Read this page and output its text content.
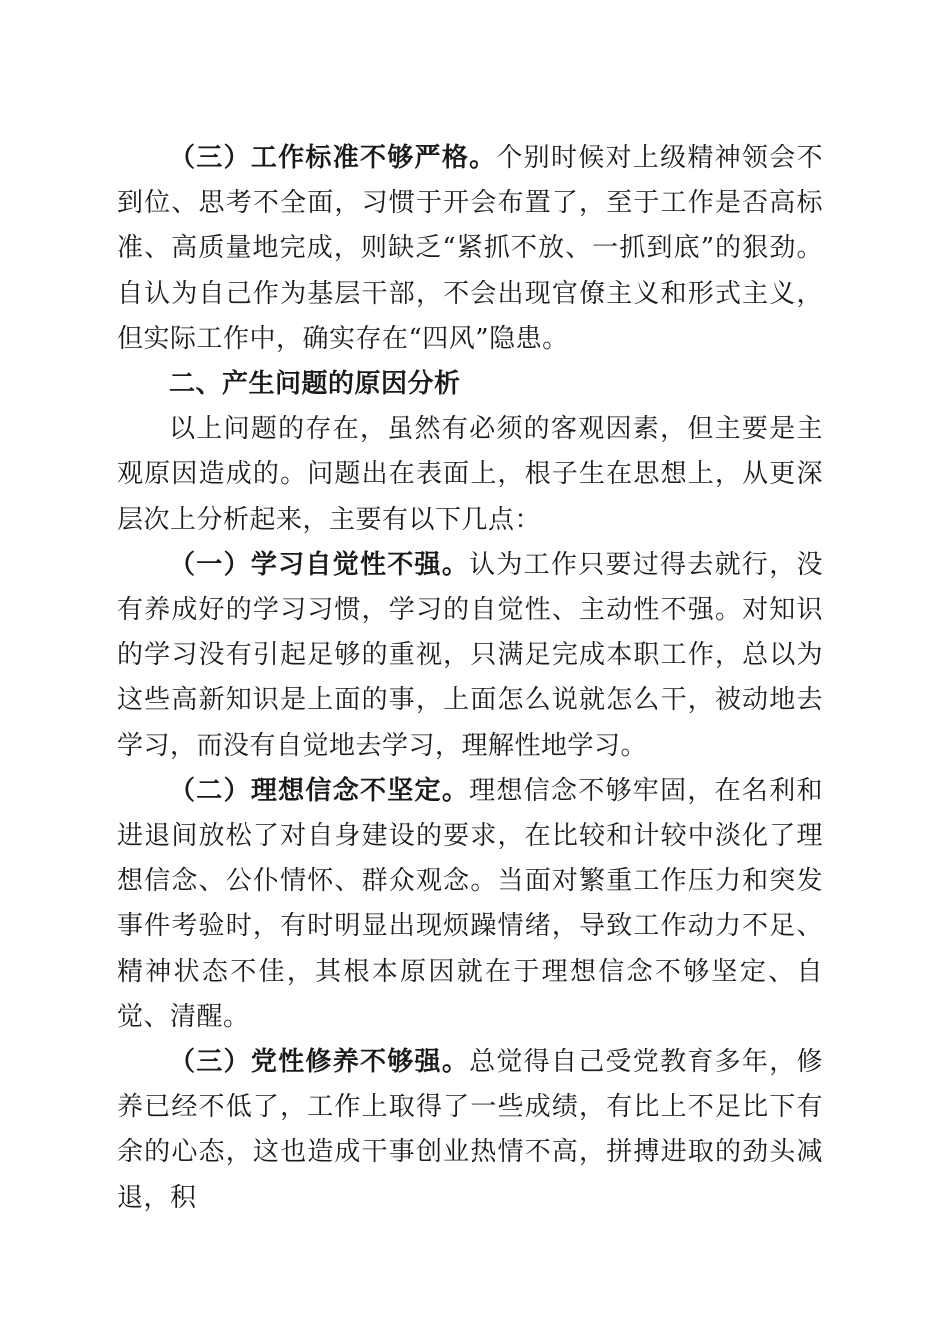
（三）工作标准不够严格。个别时候对上级精神领会不到位、思考不全面，习惯于开会布置了，至于工作是否高标准、高质量地完成，则缺乏“紧抓不放、一抓到底”的狠劲。自认为自己作为基层干部，不会出现官僚主义和形式主义，但实际工作中，确实存在“四风”隐患。

二、产生问题的原因分析

以上问题的存在，虽然有必须的客观因素，但主要是主观原因造成的。问题出在表面上，根子生在思想上，从更深层次上分析起来，主要有以下几点：

（一）学习自觉性不强。认为工作只要过得去就行，没有养成好的学习习惯，学习的自觉性、主动性不强。对知识的学习没有引起足够的重视，只满足完成本职工作，总以为这些高新知识是上面的事，上面怎么说就怎么干，被动地去学习，而没有自觉地去学习，理解性地学习。

（二）理想信念不坚定。理想信念不够牢固，在名利和进退间放松了对自身建设的要求，在比较和计较中淡化了理想信念、公仆情怀、群众观念。当面对繁重工作压力和突发事件考验时，有时明显出现烦躁情绪，导致工作动力不足、精神状态不佳，其根本原因就在于理想信念不够坚定、自觉、清醒。

（三）党性修养不够强。总觉得自己受党教育多年，修养已经不低了，工作上取得了一些成绩，有比上不足比下有余的心态，这也造成干事创业热情不高，拼搏进取的劲头减退，积
